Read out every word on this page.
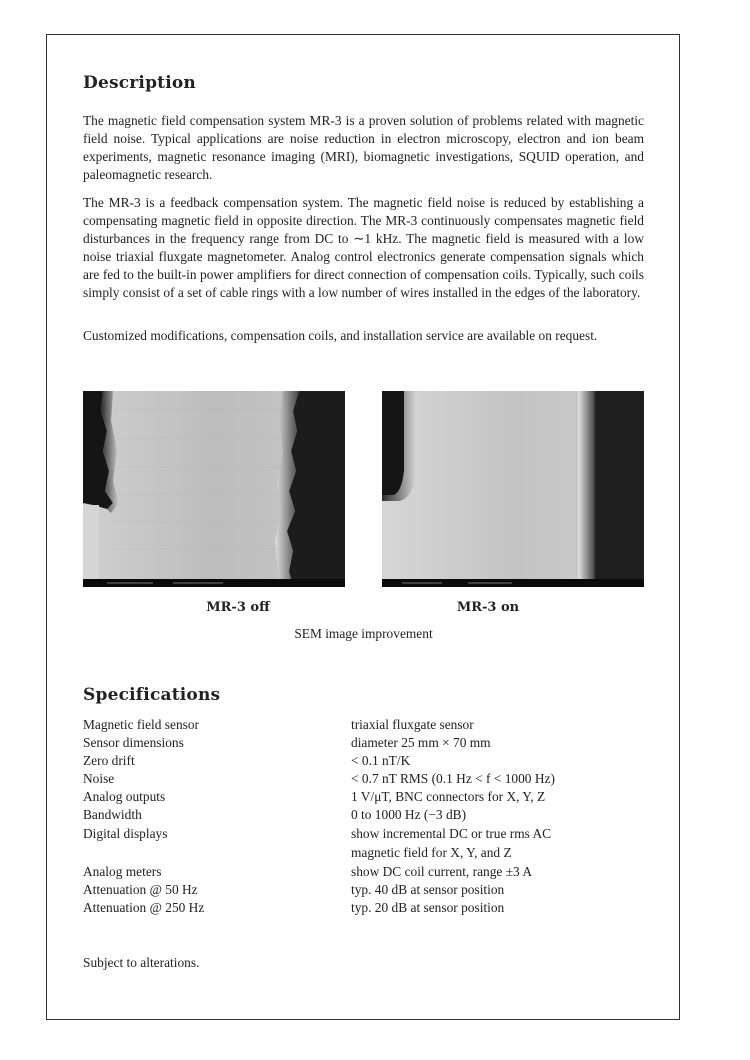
Description

The magnetic field compensation system MR-3 is a proven solution of problems related with magnetic field noise. Typical applications are noise reduction in electron microscopy, electron and ion beam experiments, magnetic resonance imaging (MRI), biomagnetic investigations, SQUID operation, and paleomagnetic research.

The MR-3 is a feedback compensation system. The magnetic field noise is reduced by establishing a compensating magnetic field in opposite direction. The MR-3 continuously compensates magnetic field disturbances in the frequency range from DC to ∼1 kHz. The magnetic field is measured with a low noise triaxial fluxgate magnetometer. Analog control electronics generate compensation signals which are fed to the built-in power amplifiers for direct connection of compensation coils. Typically, such coils simply consist of a set of cable rings with a low number of wires installed in the edges of the laboratory.

Customized modifications, compensation coils, and installation service are available on request.

MR-3 off	MR-3 on
SEM image improvement
Specifications
Magnetic field sensor	triaxial fluxgate sensor
Sensor dimensions	diameter 25 mm × 70 mm
Zero drift	< 0.1 nT/K
Noise	< 0.7 nT RMS (0.1 Hz < f < 1000 Hz)
Analog outputs	1 V/μT, BNC connectors for X, Y, Z
Bandwidth	0 to 1000 Hz (−3 dB)
Digital displays	show incremental DC or true rms AC
magnetic field for X, Y, and Z
Analog meters	show DC coil current, range ±3 A
Attenuation @ 50 Hz	typ. 40 dB at sensor position
Attenuation @ 250 Hz	typ. 20 dB at sensor position
Subject to alterations.
